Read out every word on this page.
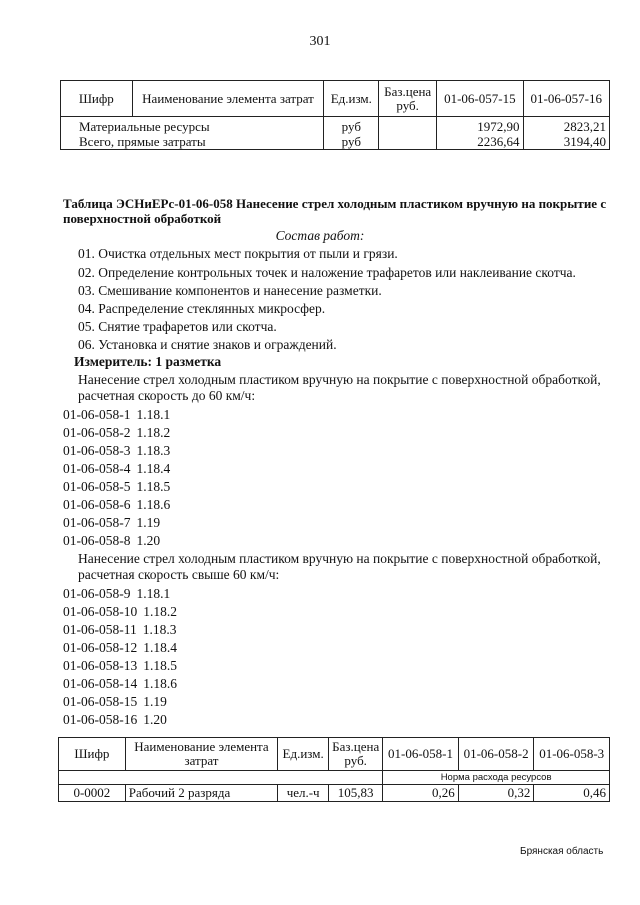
301
Шифр	Наименование элемента затрат	Ед.изм.	Баз.цена руб.	01-06-057-15	01-06-057-16
Материальные ресурсы		руб		1972,90	2823,21
Всего, прямые затраты		руб		2236,64	3194,40
Таблица ЭСНиЕРс-01-06-058 Нанесение стрел холодным пластиком вручную на покрытие с поверхностной обработкой
Состав работ:
01. Очистка отдельных мест покрытия от пыли и грязи.
02. Определение контрольных точек и наложение трафаретов или наклеивание скотча.
03. Смешивание компонентов и нанесение разметки.
04. Распределение стеклянных микросфер.
05. Снятие трафаретов или скотча.
06. Установка и снятие знаков и ограждений.
Измеритель: 1 разметка
Нанесение стрел холодным пластиком вручную на покрытие с поверхностной обработкой, расчетная скорость до 60 км/ч:
01-06-058-1 1.18.1
01-06-058-2 1.18.2
01-06-058-3 1.18.3
01-06-058-4 1.18.4
01-06-058-5 1.18.5
01-06-058-6 1.18.6
01-06-058-7 1.19
01-06-058-8 1.20
Нанесение стрел холодным пластиком вручную на покрытие с поверхностной обработкой, расчетная скорость свыше 60 км/ч:
01-06-058-9 1.18.1
01-06-058-10 1.18.2
01-06-058-11 1.18.3
01-06-058-12 1.18.4
01-06-058-13 1.18.5
01-06-058-14 1.18.6
01-06-058-15 1.19
01-06-058-16 1.20
Шифр	Наименование элемента затрат	Ед.изм.	Баз.цена руб.	01-06-058-1	01-06-058-2	01-06-058-3
				Норма расхода ресурсов		
0-0002	Рабочий 2 разряда	чел.-ч	105,83	0,26	0,32	0,46
Брянская область
